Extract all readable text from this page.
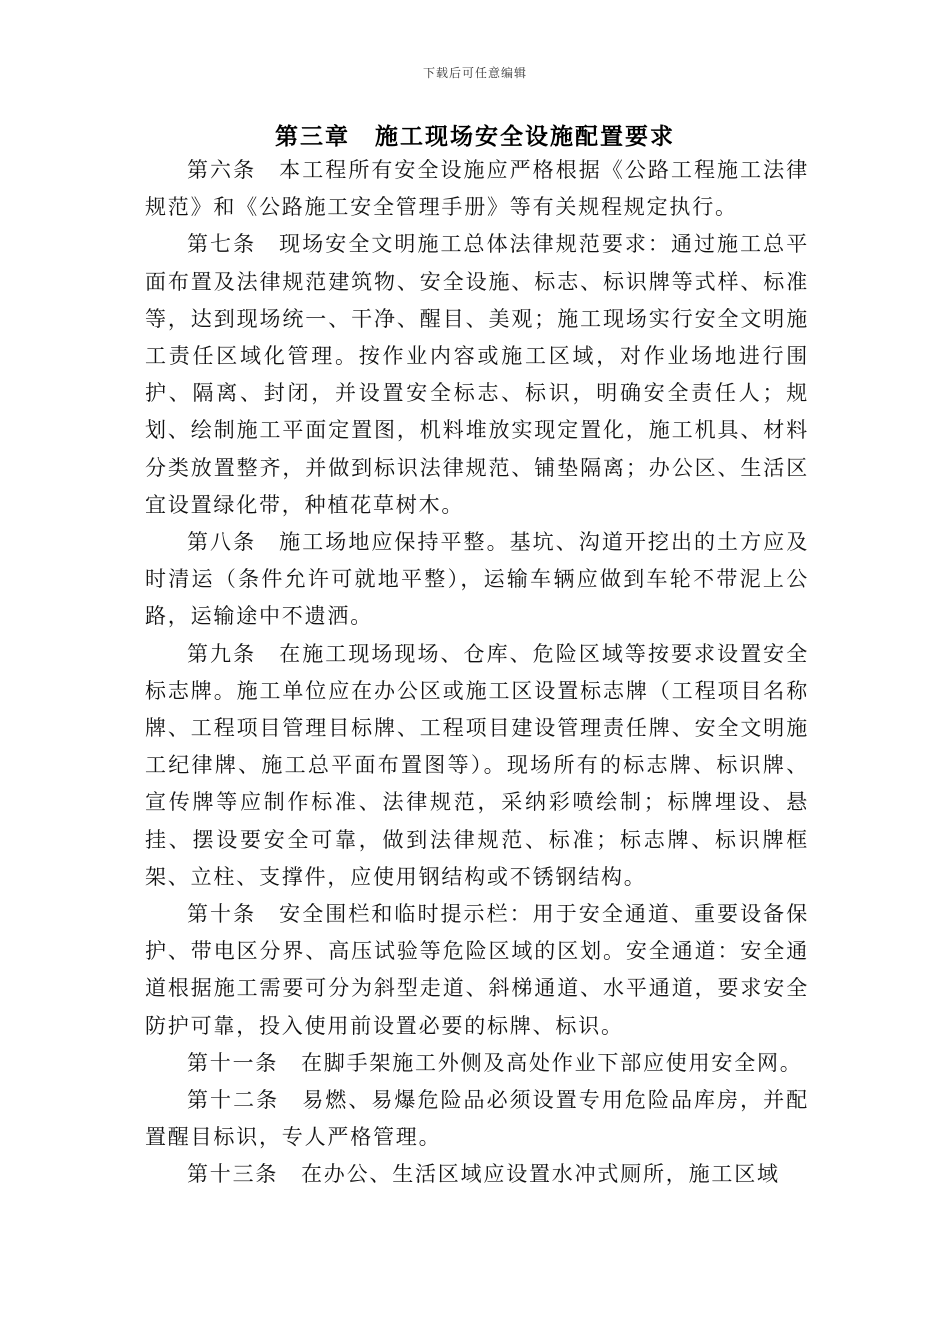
下载后可任意编辑
第三章　施工现场安全设施配置要求

第六条　本工程所有安全设施应严格根据《公路工程施工法律规范》和《公路施工安全管理手册》等有关规程规定执行。

第七条　现场安全文明施工总体法律规范要求：通过施工总平面布置及法律规范建筑物、安全设施、标志、标识牌等式样、标准等，达到现场统一、干净、醒目、美观；施工现场实行安全文明施工责任区域化管理。按作业内容或施工区域，对作业场地进行围护、隔离、封闭，并设置安全标志、标识，明确安全责任人；规划、绘制施工平面定置图，机料堆放实现定置化，施工机具、材料分类放置整齐，并做到标识法律规范、铺垫隔离；办公区、生活区宜设置绿化带，种植花草树木。

第八条　施工场地应保持平整。基坑、沟道开挖出的土方应及时清运（条件允许可就地平整），运输车辆应做到车轮不带泥上公路，运输途中不遗洒。

第九条　在施工现场现场、仓库、危险区域等按要求设置安全标志牌。施工单位应在办公区或施工区设置标志牌（工程项目名称牌、工程项目管理目标牌、工程项目建设管理责任牌、安全文明施工纪律牌、施工总平面布置图等）。现场所有的标志牌、标识牌、宣传牌等应制作标准、法律规范，采纳彩喷绘制；标牌埋设、悬挂、摆设要安全可靠，做到法律规范、标准；标志牌、标识牌框架、立柱、支撑件，应使用钢结构或不锈钢结构。

第十条　安全围栏和临时提示栏：用于安全通道、重要设备保护、带电区分界、高压试验等危险区域的区划。安全通道：安全通道根据施工需要可分为斜型走道、斜梯通道、水平通道，要求安全防护可靠，投入使用前设置必要的标牌、标识。

第十一条　在脚手架施工外侧及高处作业下部应使用安全网。

第十二条　易燃、易爆危险品必须设置专用危险品库房，并配置醒目标识，专人严格管理。

第十三条　在办公、生活区域应设置水冲式厕所，施工区域
